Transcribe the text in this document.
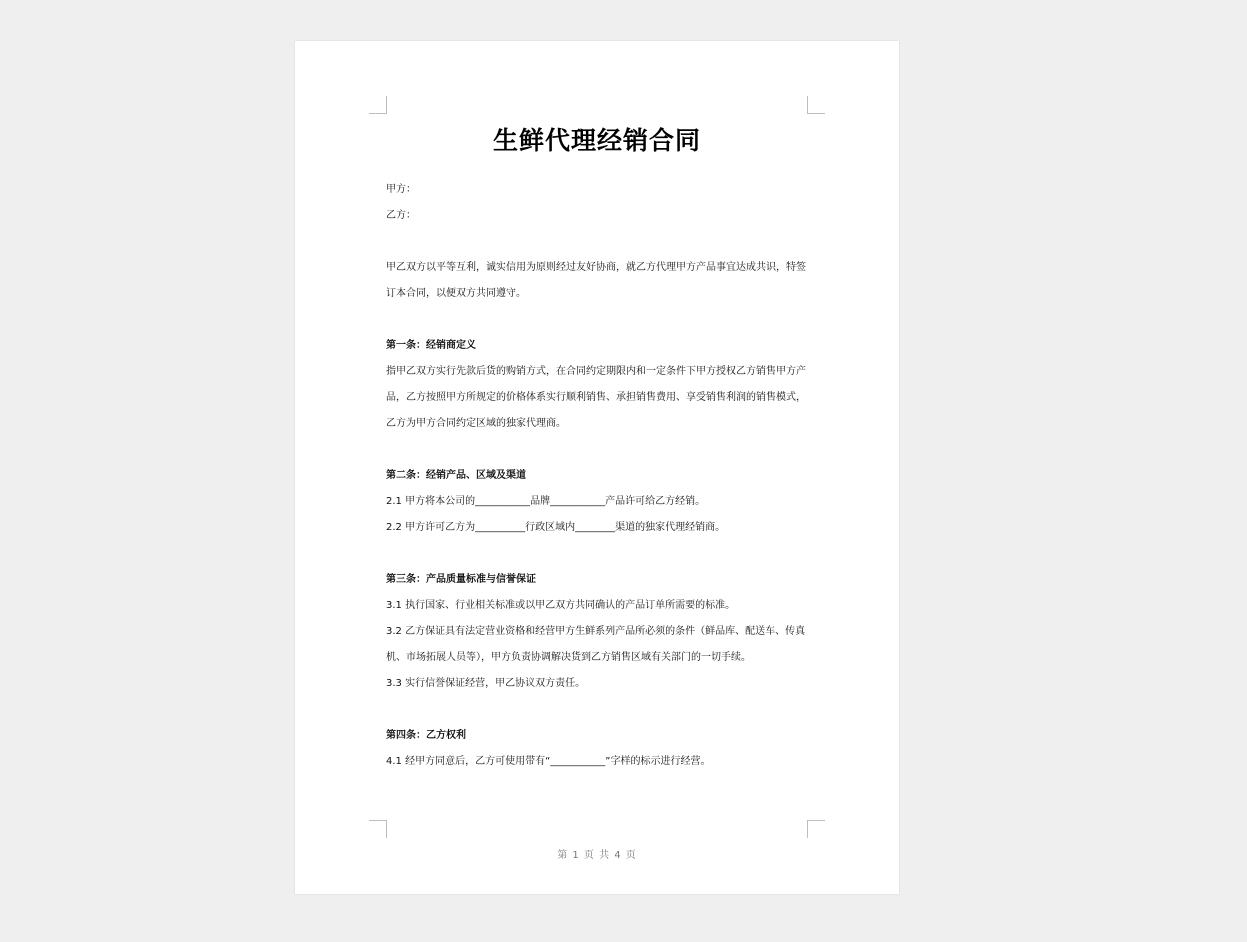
生鲜代理经销合同
甲方：
乙方：
甲乙双方以平等互利，诚实信用为原则经过友好协商，就乙方代理甲方产品事宜达成共识，特签
订本合同，以便双方共同遵守。
第一条：经销商定义
指甲乙双方实行先款后货的购销方式，在合同约定期限内和一定条件下甲方授权乙方销售甲方产
品，乙方按照甲方所规定的价格体系实行顺利销售、承担销售费用、享受销售利润的销售模式，
乙方为甲方合同约定区域的独家代理商。
第二条：经销产品、区域及渠道
2.1 甲方将本公司的___________品牌___________产品许可给乙方经销。
2.2 甲方许可乙方为__________行政区域内________渠道的独家代理经销商。
第三条：产品质量标准与信誉保证
3.1 执行国家、行业相关标准或以甲乙双方共同确认的产品订单所需要的标准。
3.2 乙方保证具有法定营业资格和经营甲方生鲜系列产品所必须的条件（鲜品库、配送车、传真
机、市场拓展人员等），甲方负责协调解决货到乙方销售区域有关部门的一切手续。
3.3 实行信誉保证经营，甲乙协议双方责任。
第四条：乙方权利
4.1 经甲方同意后，乙方可使用带有“___________”字样的标示进行经营。
第 1 页 共 4 页
